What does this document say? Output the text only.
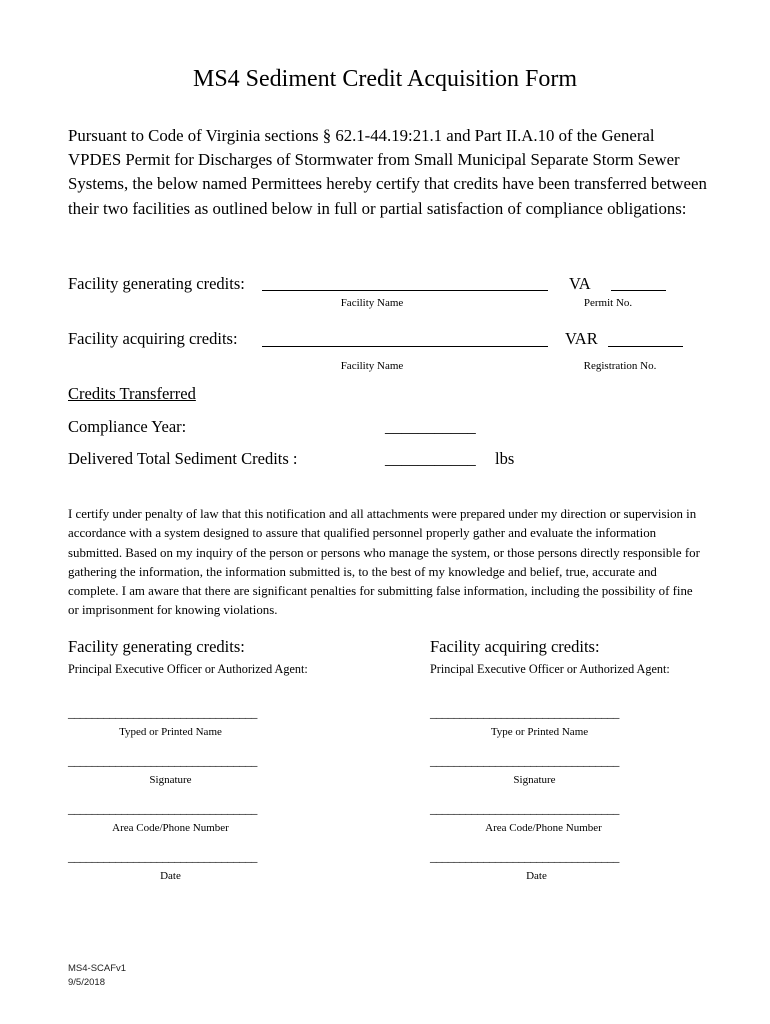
MS4 Sediment Credit Acquisition Form
Pursuant to Code of Virginia sections § 62.1-44.19:21.1 and Part II.A.10 of the General VPDES Permit for Discharges of Stormwater from Small Municipal Separate Storm Sewer Systems, the below named Permittees hereby certify that credits have been transferred between their two facilities as outlined below in full or partial satisfaction of compliance obligations:
Facility generating credits:	VA
Facility Name	Permit No.
Facility acquiring credits:	VAR
Facility Name	Registration No.
Credits Transferred
Compliance Year:	___________
Delivered Total Sediment Credits :	___________ lbs
I certify under penalty of law that this notification and all attachments were prepared under my direction or supervision in accordance with a system designed to assure that qualified personnel properly gather and evaluate the information submitted. Based on my inquiry of the person or persons who manage the system, or those persons directly responsible for gathering the information, the information submitted is, to the best of my knowledge and belief, true, accurate and complete. I am aware that there are significant penalties for submitting false information, including the possibility of fine or imprisonment for knowing violations.
Facility generating credits:
Principal Executive Officer or Authorized Agent:
________________________________
Typed or Printed Name
________________________________
Signature
________________________________
Area Code/Phone Number
________________________________
Date
Facility acquiring credits:
Principal Executive Officer or Authorized Agent:
________________________________
Type or Printed Name
________________________________
Signature
________________________________
Area Code/Phone Number
________________________________
Date
MS4-SCAFv1
9/5/2018
